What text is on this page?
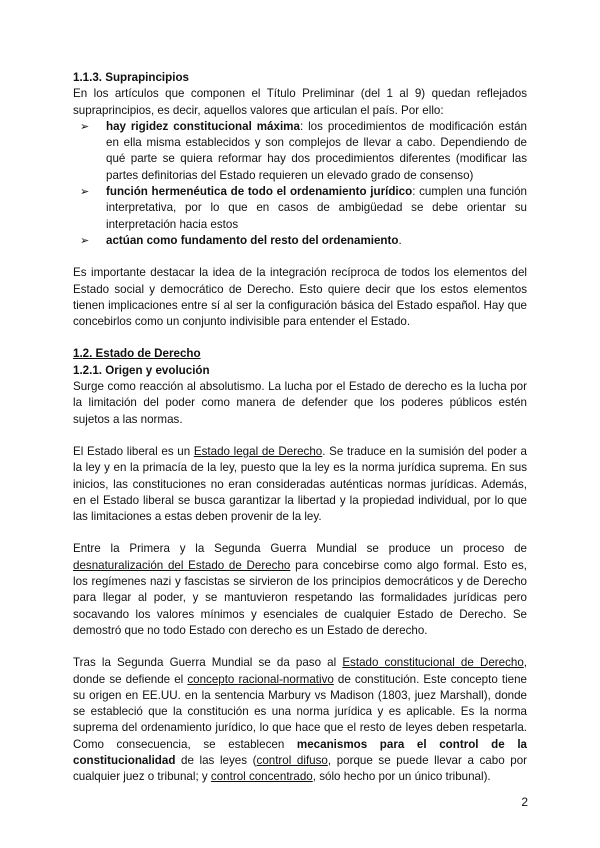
1.1.3. Suprapincipios

En los artículos que componen el Título Preliminar (del 1 al 9) quedan reflejados supraprincipios, es decir, aquellos valores que articulan el país. Por ello:

➢ hay rigidez constitucional máxima: los procedimientos de modificación están en ella misma establecidos y son complejos de llevar a cabo. Dependiendo de qué parte se quiera reformar hay dos procedimientos diferentes (modificar las partes definitorias del Estado requieren un elevado grado de consenso)
➢ función hermenéutica de todo el ordenamiento jurídico: cumplen una función interpretativa, por lo que en casos de ambigüedad se debe orientar su interpretación hacia estos
➢ actúan como fundamento del resto del ordenamiento.

Es importante destacar la idea de la integración recíproca de todos los elementos del Estado social y democrático de Derecho. Esto quiere decir que los estos elementos tienen implicaciones entre sí al ser la configuración básica del Estado español. Hay que concebirlos como un conjunto indivisible para entender el Estado.

1.2. Estado de Derecho

1.2.1. Origen y evolución

Surge como reacción al absolutismo. La lucha por el Estado de derecho es la lucha por la limitación del poder como manera de defender que los poderes públicos estén sujetos a las normas.

El Estado liberal es un Estado legal de Derecho. Se traduce en la sumisión del poder a la ley y en la primacía de la ley, puesto que la ley es la norma jurídica suprema. En sus inicios, las constituciones no eran consideradas auténticas normas jurídicas. Además, en el Estado liberal se busca garantizar la libertad y la propiedad individual, por lo que las limitaciones a estas deben provenir de la ley.

Entre la Primera y la Segunda Guerra Mundial se produce un proceso de desnaturalización del Estado de Derecho para concebirse como algo formal. Esto es, los regímenes nazi y fascistas se sirvieron de los principios democráticos y de Derecho para llegar al poder, y se mantuvieron respetando las formalidades jurídicas pero socavando los valores mínimos y esenciales de cualquier Estado de Derecho. Se demostró que no todo Estado con derecho es un Estado de derecho.

Tras la Segunda Guerra Mundial se da paso al Estado constitucional de Derecho, donde se defiende el concepto racional-normativo de constitución. Este concepto tiene su origen en EE.UU. en la sentencia Marbury vs Madison (1803, juez Marshall), donde se estableció que la constitución es una norma jurídica y es aplicable. Es la norma suprema del ordenamiento jurídico, lo que hace que el resto de leyes deben respetarla. Como consecuencia, se establecen mecanismos para el control de la constitucionalidad de las leyes (control difuso, porque se puede llevar a cabo por cualquier juez o tribunal; y control concentrado, sólo hecho por un único tribunal).

2
